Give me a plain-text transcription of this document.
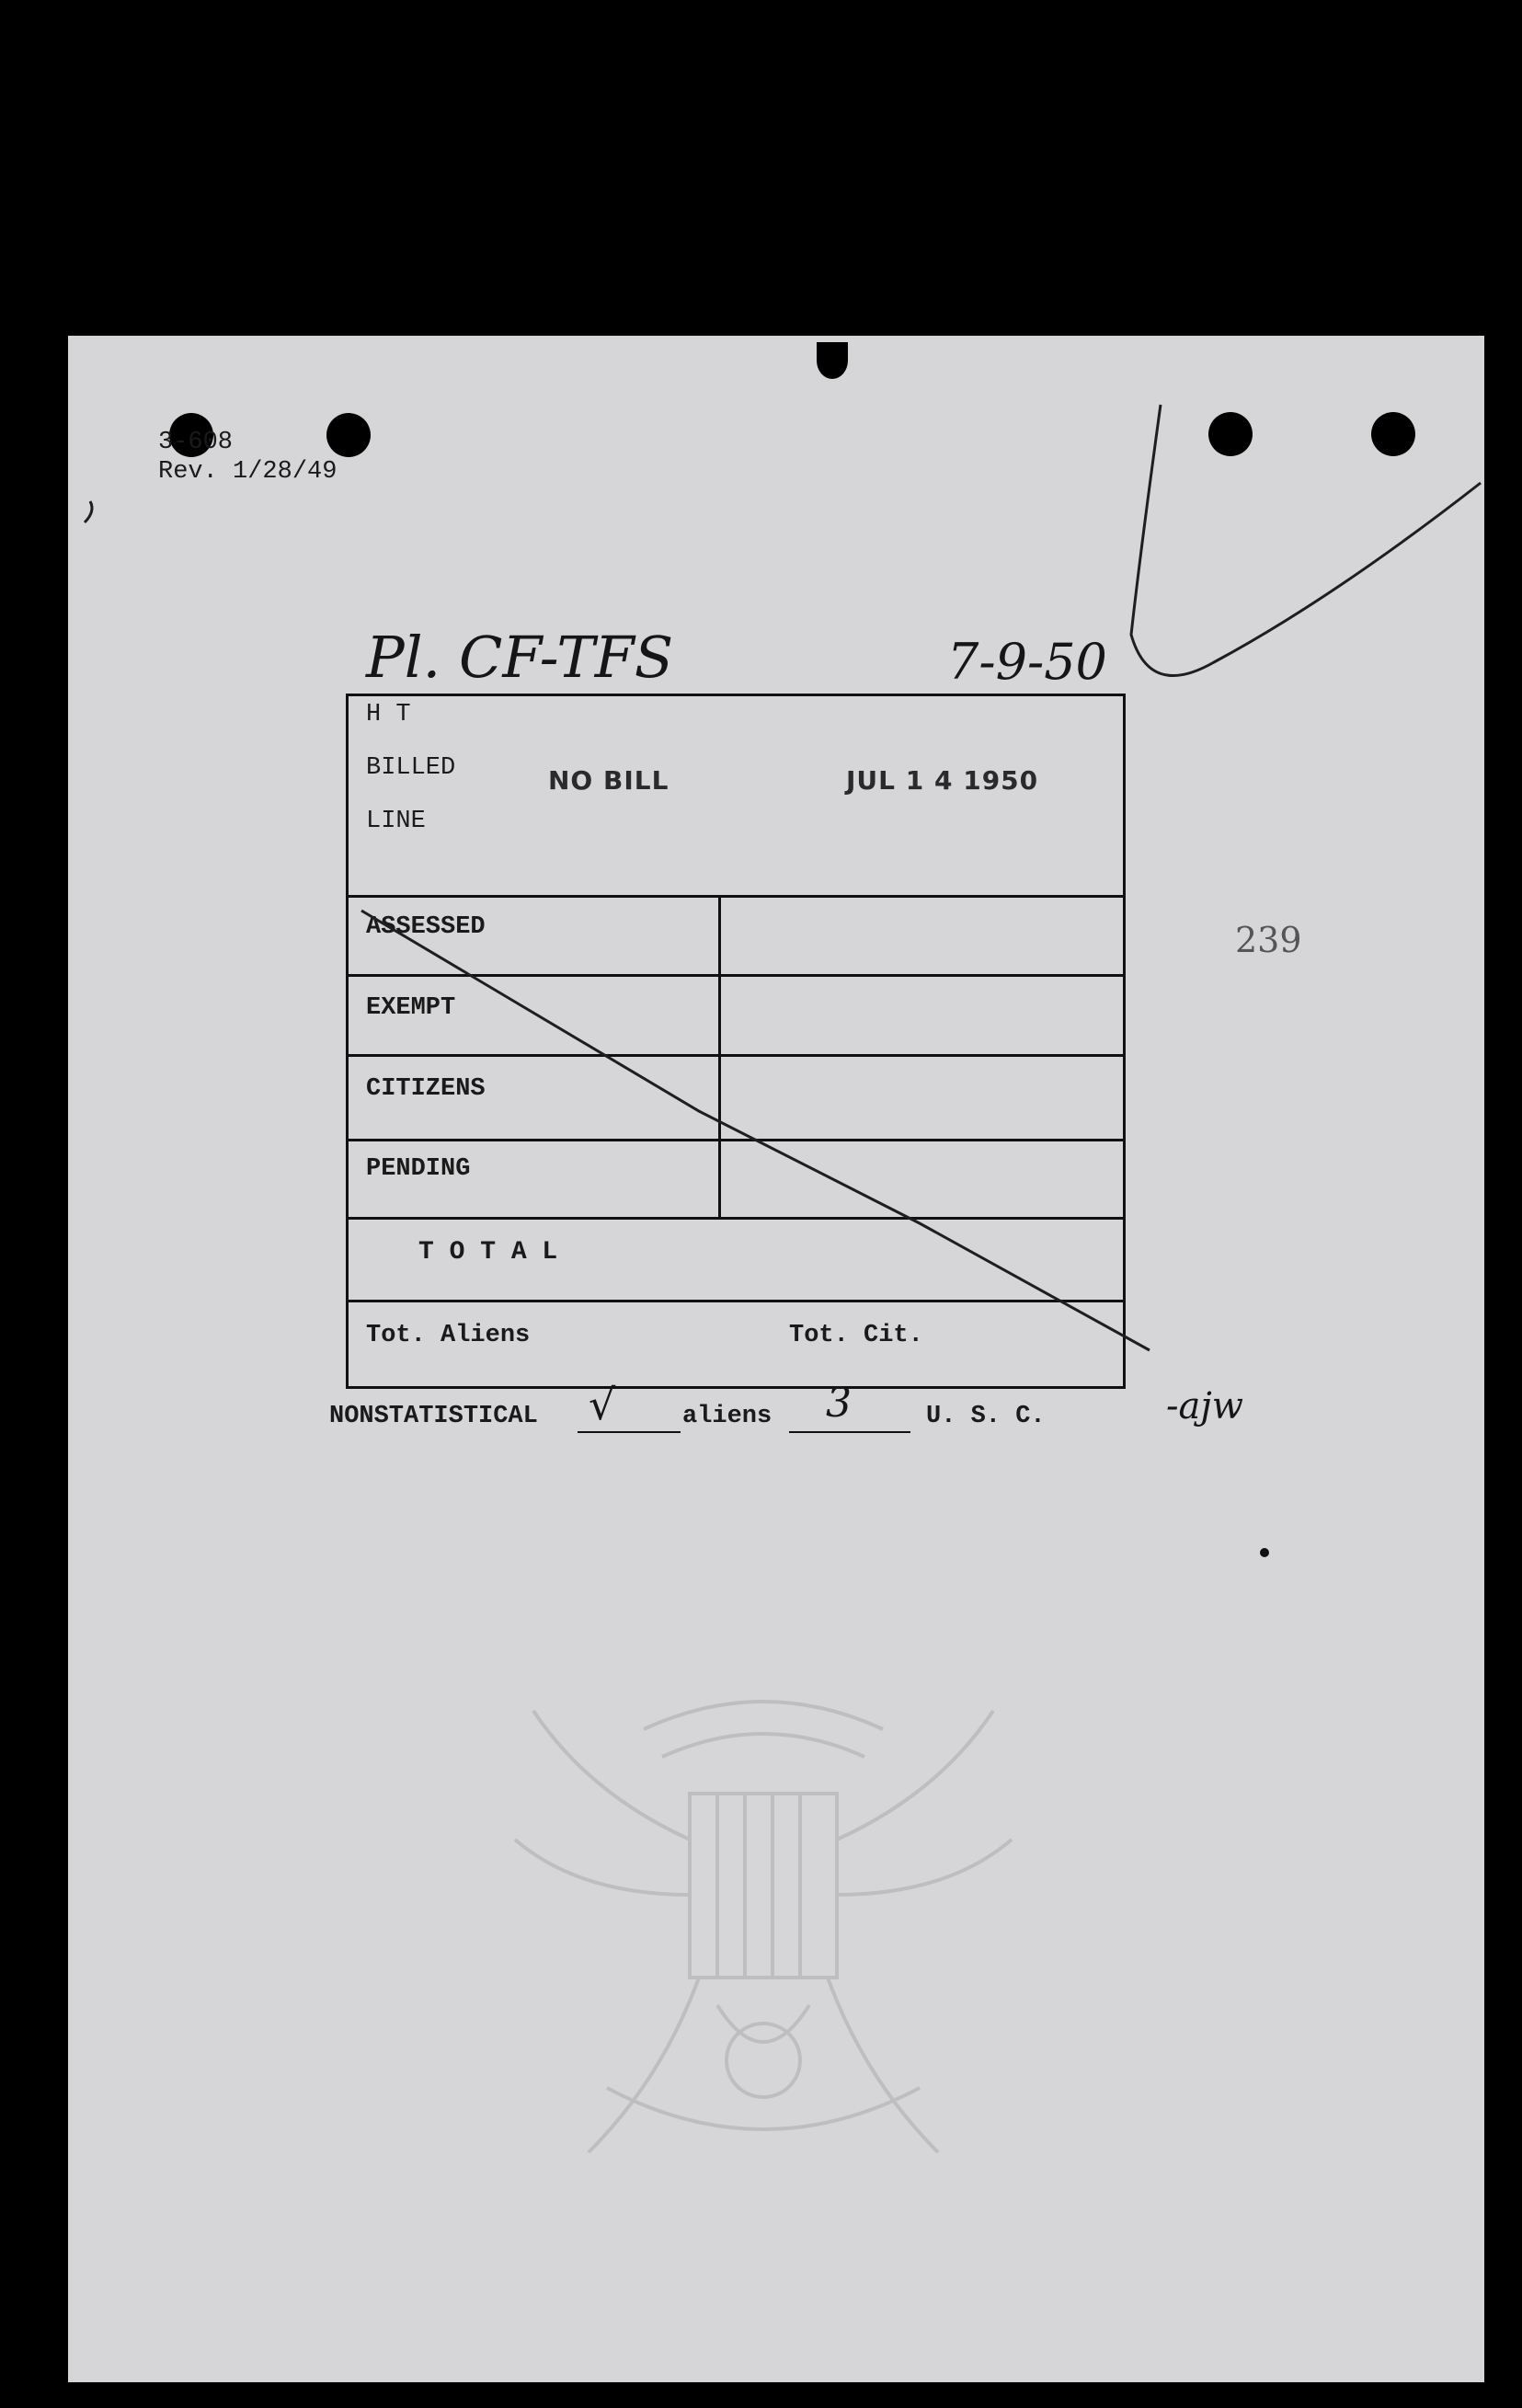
3-608
Rev. 1/28/49
Pl. CF-TFS	7-9-50
H T
BILLED
LINE
NO BILL	JUL 1 4 1950
ASSESSED
EXEMPT
CITIZENS
PENDING
T O T A L
Tot. Aliens	Tot. Cit.
NONSTATISTICAL √	aliens 3	U. S. C.	-ajw
239
